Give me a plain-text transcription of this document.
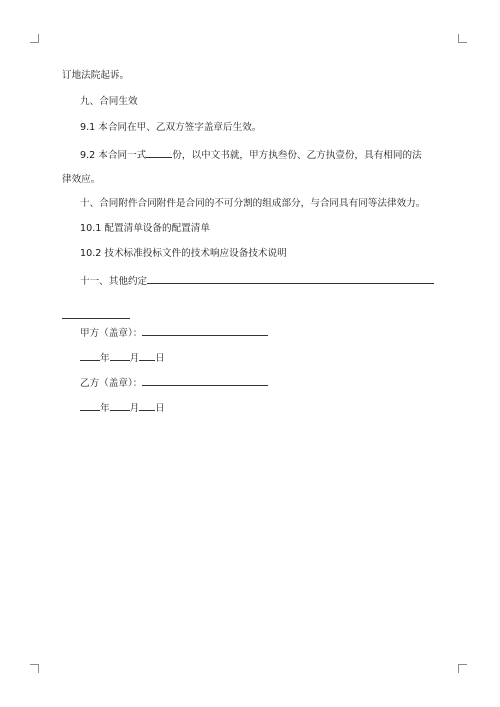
订地法院起诉。
九、合同生效
9.1 本合同在甲、乙双方签字盖章后生效。
9.2 本合同一式	份，以中文书就，甲方执叁份、乙方执壹份，具有相同的法
律效应。
十、合同附件合同附件是合同的不可分割的组成部分，与合同具有同等法律效力。
10.1 配置清单设备的配置清单
10.2 技术标准投标文件的技术响应设备技术说明
十一、其他约定
甲方（盖章）：
年 月 日
乙方（盖章）：
年 月 日
